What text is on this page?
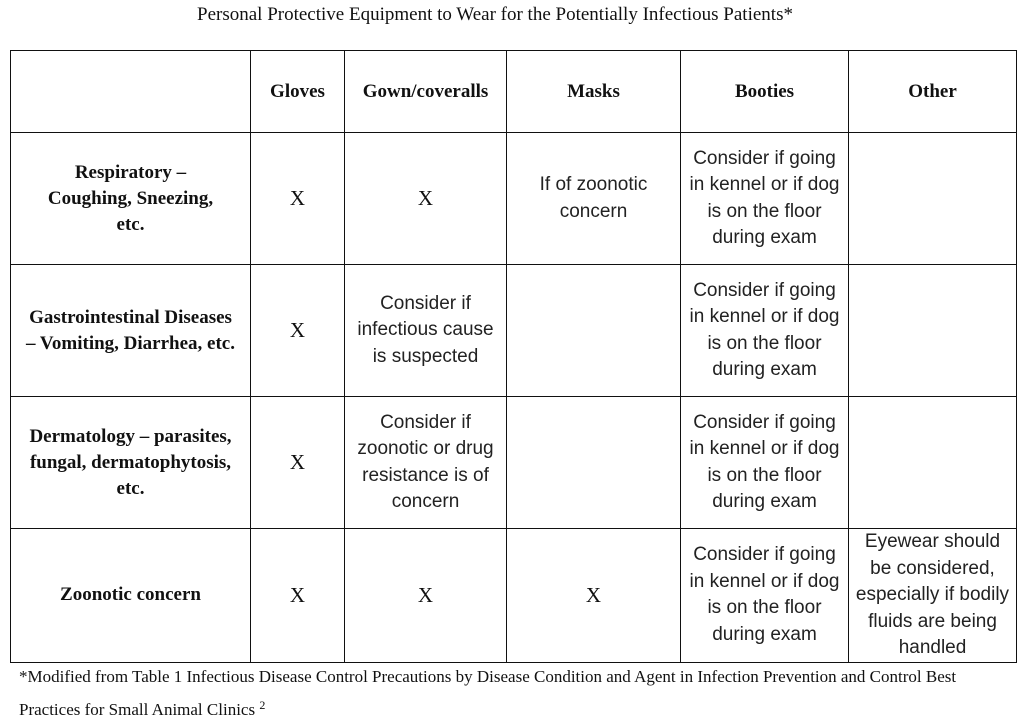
Personal Protective Equipment to Wear for the Potentially Infectious Patients*
	Gloves	Gown/coveralls	Masks	Booties	Other
Respiratory – Coughing, Sneezing, etc.	X	X	If of zoonotic concern	Consider if going in kennel or if dog is on the floor during exam	
Gastrointestinal Diseases – Vomiting, Diarrhea, etc.	X	Consider if infectious cause is suspected		Consider if going in kennel or if dog is on the floor during exam	
Dermatology – parasites, fungal, dermatophytosis, etc.	X	Consider if zoonotic or drug resistance is of concern		Consider if going in kennel or if dog is on the floor during exam	
Zoonotic concern	X	X	X	Consider if going in kennel or if dog is on the floor during exam	Eyewear should be considered, especially if bodily fluids are being handled
*Modified from Table 1 Infectious Disease Control Precautions by Disease Condition and Agent in Infection Prevention and Control Best Practices for Small Animal Clinics $^2$
